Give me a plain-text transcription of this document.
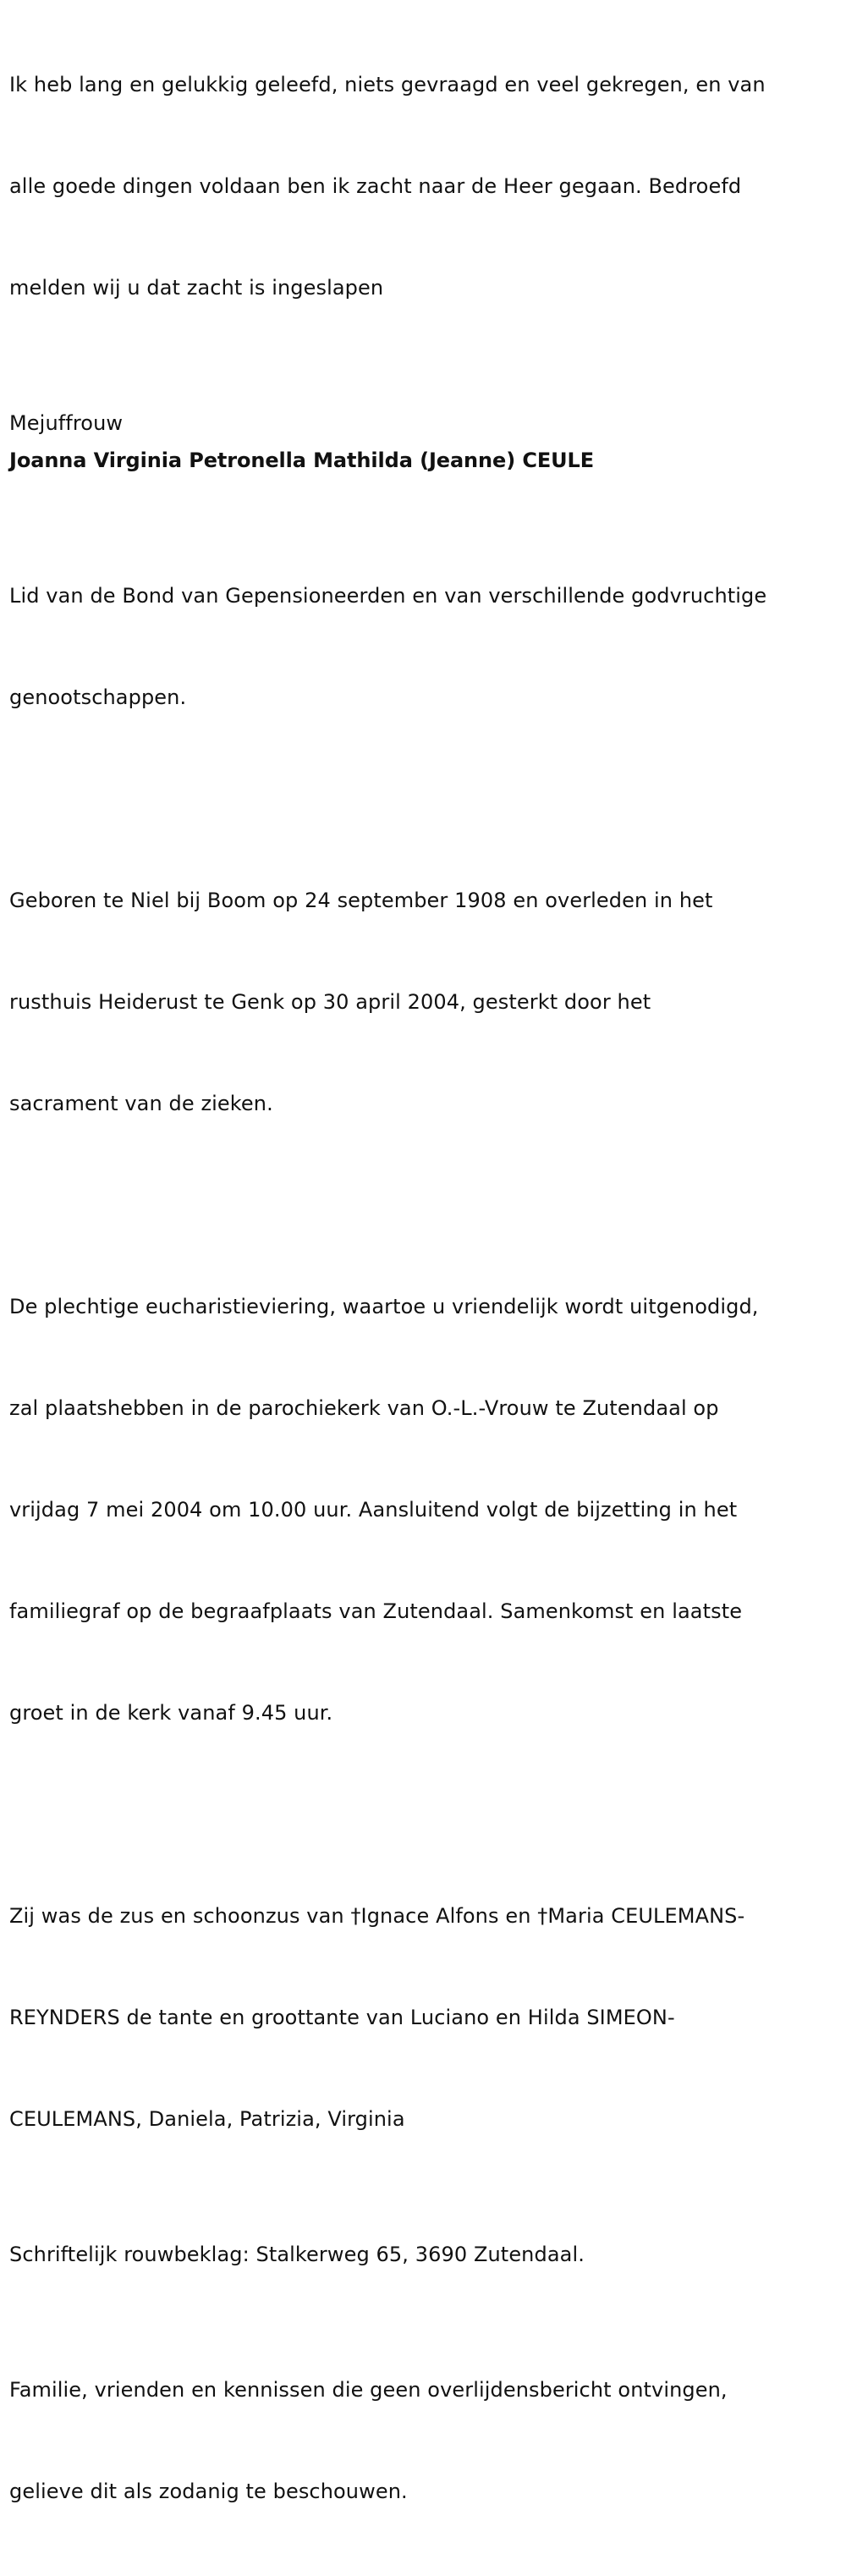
Ik heb lang en gelukkig geleefd, niets gevraagd en veel gekregen, en van

alle goede dingen voldaan ben ik zacht naar de Heer gegaan. Bedroefd

melden wij u dat zacht is ingeslapen

Mejuffrouw
Joanna Virginia Petronella Mathilda (Jeanne) CEULE

Lid van de Bond van Gepensioneerden en van verschillende godvruchtige

genootschappen.

Geboren te Niel bij Boom op 24 september 1908 en overleden in het

rusthuis Heiderust te Genk op 30 april 2004, gesterkt door het

sacrament van de zieken.

De plechtige eucharistieviering, waartoe u vriendelijk wordt uitgenodigd,

zal plaatshebben in de parochiekerk van O.-L.-Vrouw te Zutendaal op

vrijdag 7 mei 2004 om 10.00 uur. Aansluitend volgt de bijzetting in het

familiegraf op de begraafplaats van Zutendaal. Samenkomst en laatste

groet in de kerk vanaf 9.45 uur.

Zij was de zus en schoonzus van †Ignace Alfons en †Maria CEULEMANS-

REYNDERS de tante en groottante van Luciano en Hilda SIMEON-

CEULEMANS, Daniela, Patrizia, Virginia

Schriftelijk rouwbeklag: Stalkerweg 65, 3690 Zutendaal.

Familie, vrienden en kennissen die geen overlijdensbericht ontvingen,

gelieve dit als zodanig te beschouwen.
